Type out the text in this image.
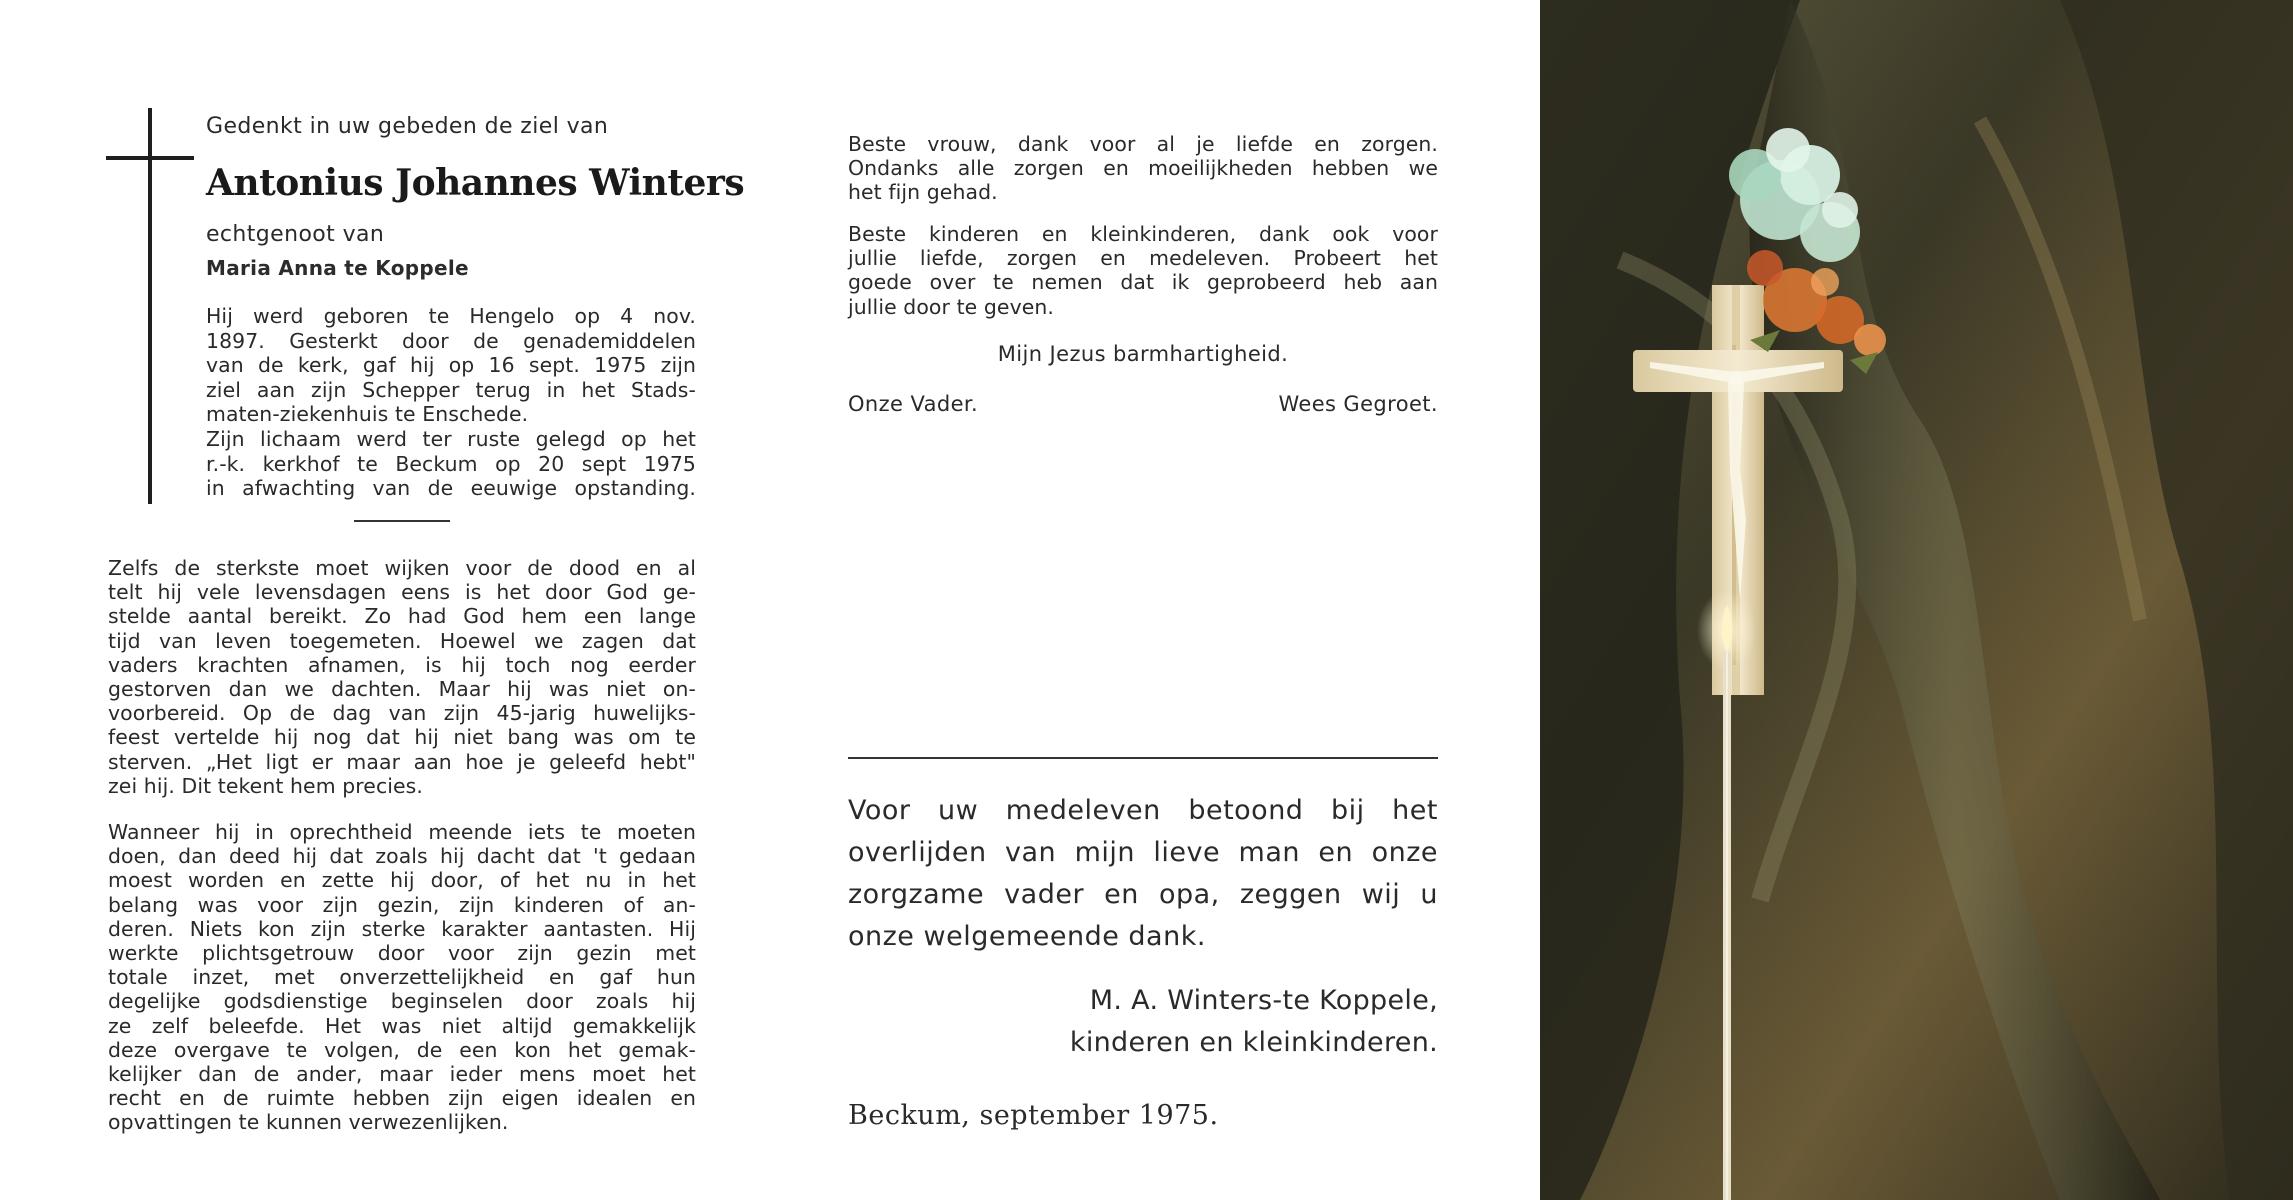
Gedenkt in uw gebeden de ziel van
Antonius Johannes Winters
echtgenoot van
Maria Anna te Koppele
Hij werd geboren te Hengelo op 4 nov.
1897. Gesterkt door de genademiddelen
van de kerk, gaf hij op 16 sept. 1975 zijn
ziel aan zijn Schepper terug in het Stads-
maten-ziekenhuis te Enschede.
Zijn lichaam werd ter ruste gelegd op het
r.-k. kerkhof te Beckum op 20 sept 1975
in afwachting van de eeuwige opstanding.
Zelfs de sterkste moet wijken voor de dood en al
telt hij vele levensdagen eens is het door God ge-
stelde aantal bereikt. Zo had God hem een lange
tijd van leven toegemeten. Hoewel we zagen dat
vaders krachten afnamen, is hij toch nog eerder
gestorven dan we dachten. Maar hij was niet on-
voorbereid. Op de dag van zijn 45-jarig huwelijks-
feest vertelde hij nog dat hij niet bang was om te
sterven. „Het ligt er maar aan hoe je geleefd hebt"
zei hij. Dit tekent hem precies.
Wanneer hij in oprechtheid meende iets te moeten
doen, dan deed hij dat zoals hij dacht dat 't gedaan
moest worden en zette hij door, of het nu in het
belang was voor zijn gezin, zijn kinderen of an-
deren. Niets kon zijn sterke karakter aantasten. Hij
werkte plichtsgetrouw door voor zijn gezin met
totale inzet, met onverzettelijkheid en gaf hun
degelijke godsdienstige beginselen door zoals hij
ze zelf beleefde. Het was niet altijd gemakkelijk
deze overgave te volgen, de een kon het gemak-
kelijker dan de ander, maar ieder mens moet het
recht en de ruimte hebben zijn eigen idealen en
opvattingen te kunnen verwezenlijken.
Beste vrouw, dank voor al je liefde en zorgen.
Ondanks alle zorgen en moeilijkheden hebben we
het fijn gehad.
Beste kinderen en kleinkinderen, dank ook voor
jullie liefde, zorgen en medeleven. Probeert het
goede over te nemen dat ik geprobeerd heb aan
jullie door te geven.
Mijn Jezus barmhartigheid.
Onze Vader.	Wees Gegroet.
Voor uw medeleven betoond bij het
overlijden van mijn lieve man en onze
zorgzame vader en opa, zeggen wij u
onze welgemeende dank.
M. A. Winters-te Koppele,
kinderen en kleinkinderen.
Beckum, september 1975.
